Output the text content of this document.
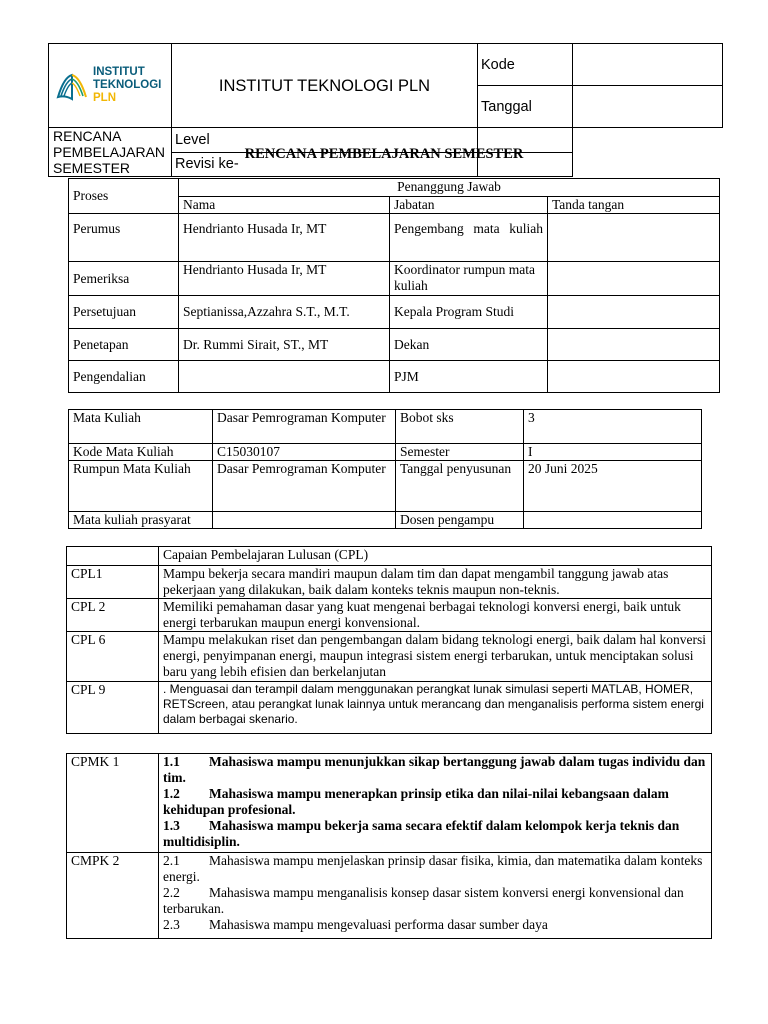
INSTITUT
TEKNOLOGI
PLN	INSTITUT TEKNOLOGI PLN	Kode	
		Tanggal	
RENCANA PEMBELAJARAN SEMESTER	Level		
	Revisi ke-		
RENCANA PEMBELAJARAN SEMESTER
Proses	Penanggung Jawab		
	Nama	Jabatan	Tanda tangan
Perumus	Hendrianto Husada Ir, MT	Pengembang mata kuliah	
Pemeriksa	Hendrianto Husada Ir, MT	Koordinator rumpun mata kuliah	
Persetujuan	Septianissa,Azzahra S.T., M.T.	Kepala Program Studi	
Penetapan	Dr. Rummi Sirait, ST., MT	Dekan	
Pengendalian		PJM	
Mata Kuliah	Dasar Pemrograman Komputer	Bobot sks	3
Kode Mata Kuliah	C15030107	Semester	I
Rumpun Mata Kuliah	Dasar Pemrograman Komputer	Tanggal penyusunan	20 Juni 2025
Mata kuliah prasyarat		Dosen pengampu	
	Capaian Pembelajaran Lulusan (CPL)
CPL1	Mampu bekerja secara mandiri maupun dalam tim dan dapat mengambil tanggung jawab atas pekerjaan yang dilakukan, baik dalam konteks teknis maupun non-teknis.
CPL 2	Memiliki pemahaman dasar yang kuat mengenai berbagai teknologi konversi energi, baik untuk energi terbarukan maupun energi konvensional.
CPL 6	Mampu melakukan riset dan pengembangan dalam bidang teknologi energi, baik dalam hal konversi energi, penyimpanan energi, maupun integrasi sistem energi terbarukan, untuk menciptakan solusi baru yang lebih efisien dan berkelanjutan
CPL 9	. Menguasai dan terampil dalam menggunakan perangkat lunak simulasi seperti MATLAB, HOMER, RETScreen, atau perangkat lunak lainnya untuk merancang dan menganalisis performa sistem energi dalam berbagai skenario.
CPMK 1	1.1 Mahasiswa mampu menunjukkan sikap bertanggung jawab dalam tugas individu dan tim.
1.2 Mahasiswa mampu menerapkan prinsip etika dan nilai-nilai kebangsaan dalam kehidupan profesional.
1.3 Mahasiswa mampu bekerja sama secara efektif dalam kelompok kerja teknis dan multidisiplin.

CMPK 2	2.1 Mahasiswa mampu menjelaskan prinsip dasar fisika, kimia, dan matematika dalam konteks energi.
2.2 Mahasiswa mampu menganalisis konsep dasar sistem konversi energi konvensional dan terbarukan.
2.3 Mahasiswa mampu mengevaluasi performa dasar sumber daya
